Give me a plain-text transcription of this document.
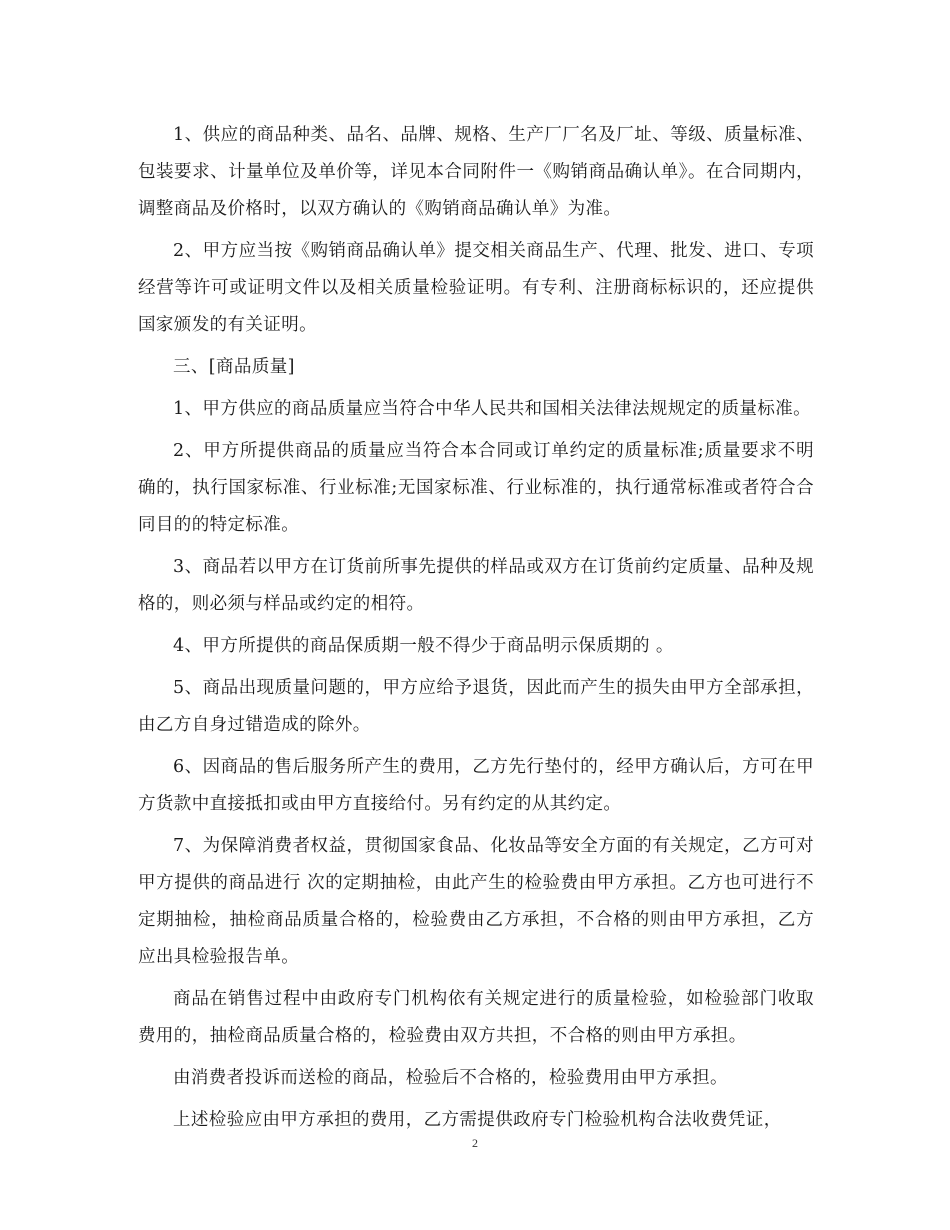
1、供应的商品种类、品名、品牌、规格、生产厂厂名及厂址、等级、质量标准、包装要求、计量单位及单价等，详见本合同附件一《购销商品确认单》。在合同期内，调整商品及价格时，以双方确认的《购销商品确认单》为准。

2、甲方应当按《购销商品确认单》提交相关商品生产、代理、批发、进口、专项经营等许可或证明文件以及相关质量检验证明。有专利、注册商标标识的，还应提供国家颁发的有关证明。

三、[商品质量]

1、甲方供应的商品质量应当符合中华人民共和国相关法律法规规定的质量标准。

2、甲方所提供商品的质量应当符合本合同或订单约定的质量标准;质量要求不明确的，执行国家标准、行业标准;无国家标准、行业标准的，执行通常标准或者符合合同目的的特定标准。

3、商品若以甲方在订货前所事先提供的样品或双方在订货前约定质量、品种及规格的，则必须与样品或约定的相符。

4、甲方所提供的商品保质期一般不得少于商品明示保质期的 。

5、商品出现质量问题的，甲方应给予退货，因此而产生的损失由甲方全部承担，由乙方自身过错造成的除外。

6、因商品的售后服务所产生的费用，乙方先行垫付的，经甲方确认后，方可在甲方货款中直接抵扣或由甲方直接给付。另有约定的从其约定。

7、为保障消费者权益，贯彻国家食品、化妆品等安全方面的有关规定，乙方可对甲方提供的商品进行 次的定期抽检，由此产生的检验费由甲方承担。乙方也可进行不定期抽检，抽检商品质量合格的，检验费由乙方承担，不合格的则由甲方承担，乙方应出具检验报告单。

商品在销售过程中由政府专门机构依有关规定进行的质量检验，如检验部门收取费用的，抽检商品质量合格的，检验费由双方共担，不合格的则由甲方承担。

由消费者投诉而送检的商品，检验后不合格的，检验费用由甲方承担。

上述检验应由甲方承担的费用，乙方需提供政府专门检验机构合法收费凭证，

2
